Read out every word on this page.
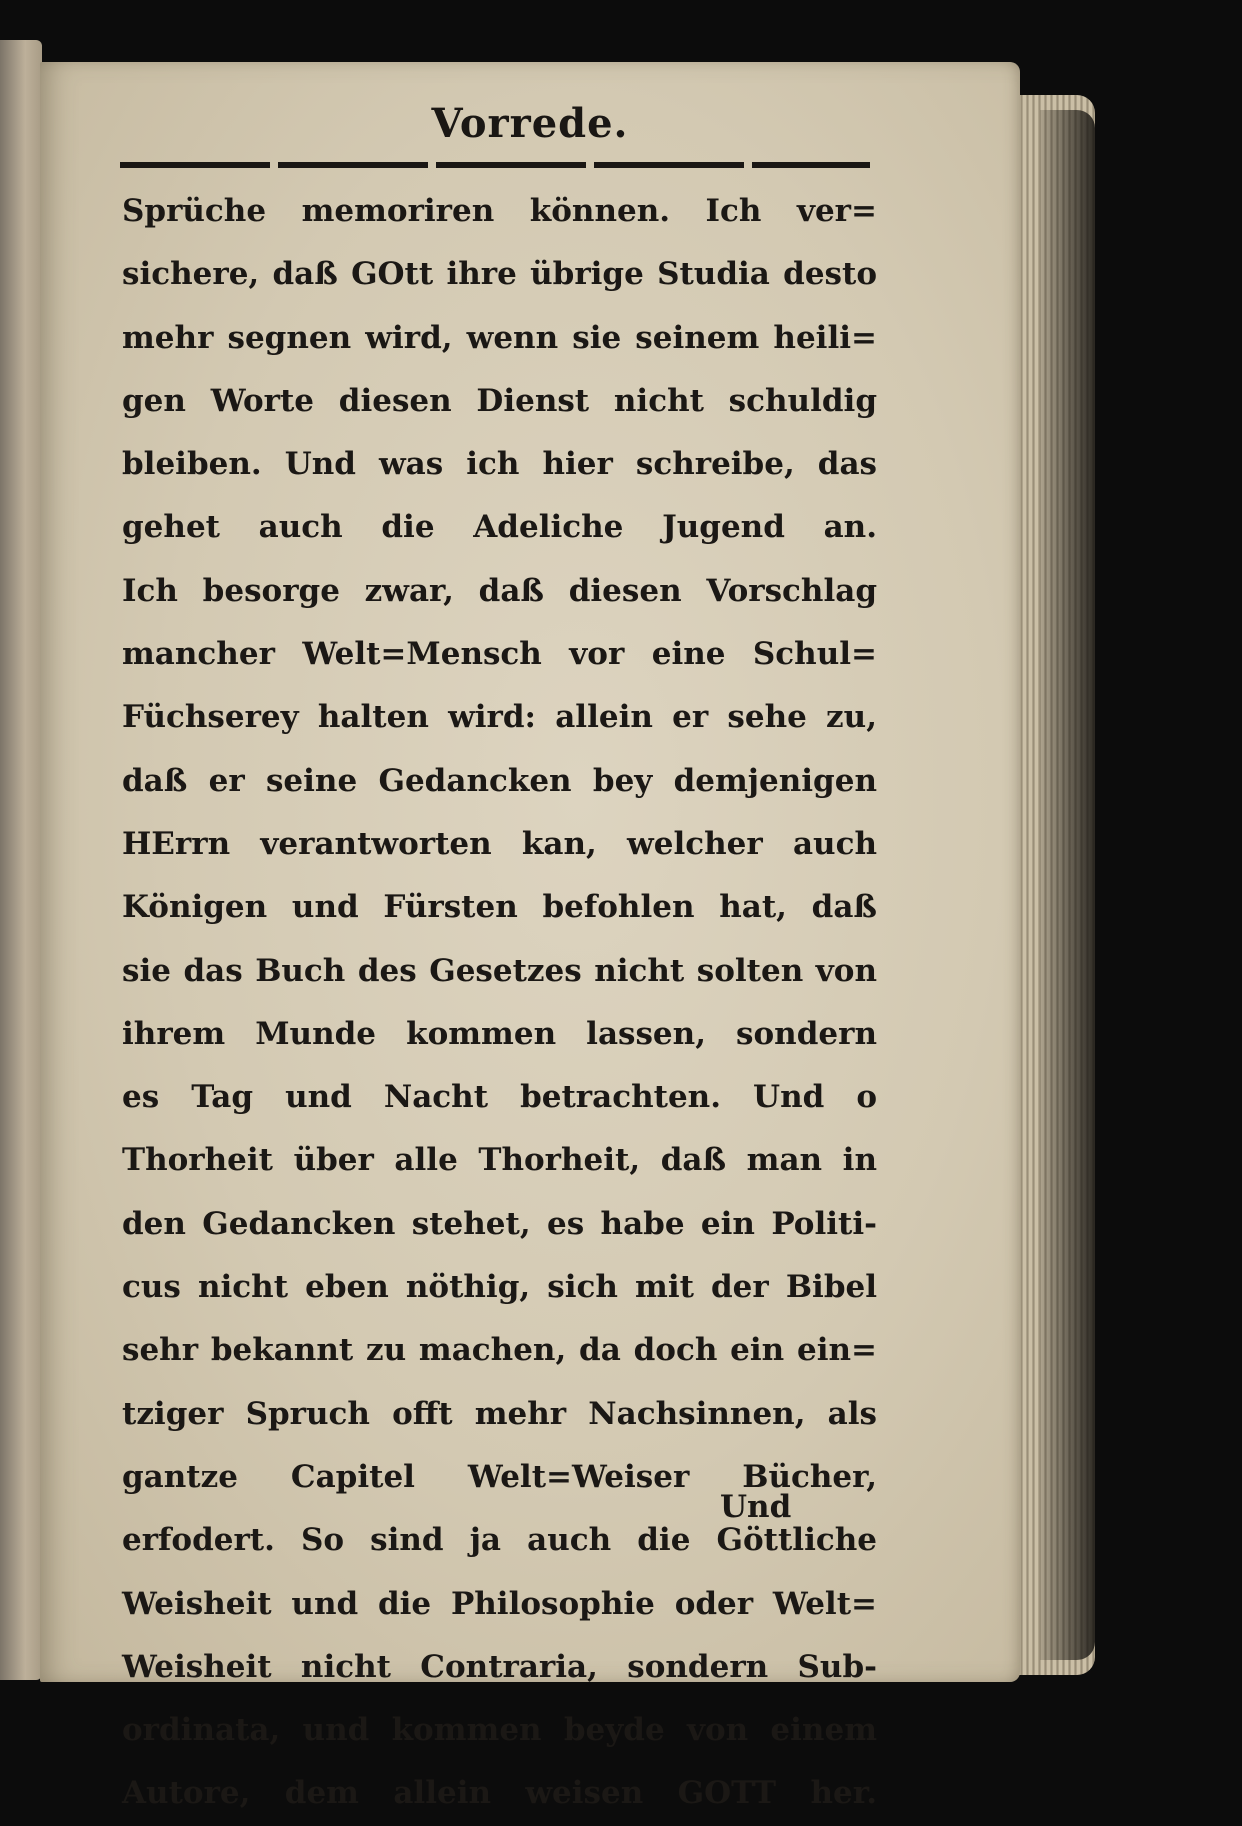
Vorrede.
Sprüche memoriren können. Ich ver=
sichere, daß GOtt ihre übrige Studia desto
mehr segnen wird, wenn sie seinem heili=
gen Worte diesen Dienst nicht schuldig
bleiben. Und was ich hier schreibe, das
gehet auch die Adeliche Jugend an.
Ich besorge zwar, daß diesen Vorschlag
mancher Welt=Mensch vor eine Schul=
Füchserey halten wird: allein er sehe zu,
daß er seine Gedancken bey demjenigen
HErrn verantworten kan, welcher auch
Königen und Fürsten befohlen hat, daß
sie das Buch des Gesetzes nicht solten von
ihrem Munde kommen lassen, sondern
es Tag und Nacht betrachten. Und o
Thorheit über alle Thorheit, daß man in
den Gedancken stehet, es habe ein Politi-
cus nicht eben nöthig, sich mit der Bibel
sehr bekannt zu machen, da doch ein ein=
tziger Spruch offt mehr Nachsinnen, als
gantze Capitel Welt=Weiser Bücher,
erfodert. So sind ja auch die Göttliche
Weisheit und die Philosophie oder Welt=
Weisheit nicht Contraria, sondern Sub-
ordinata, und kommen beyde von einem
Autore, dem allein weisen GOTT her.
Und
